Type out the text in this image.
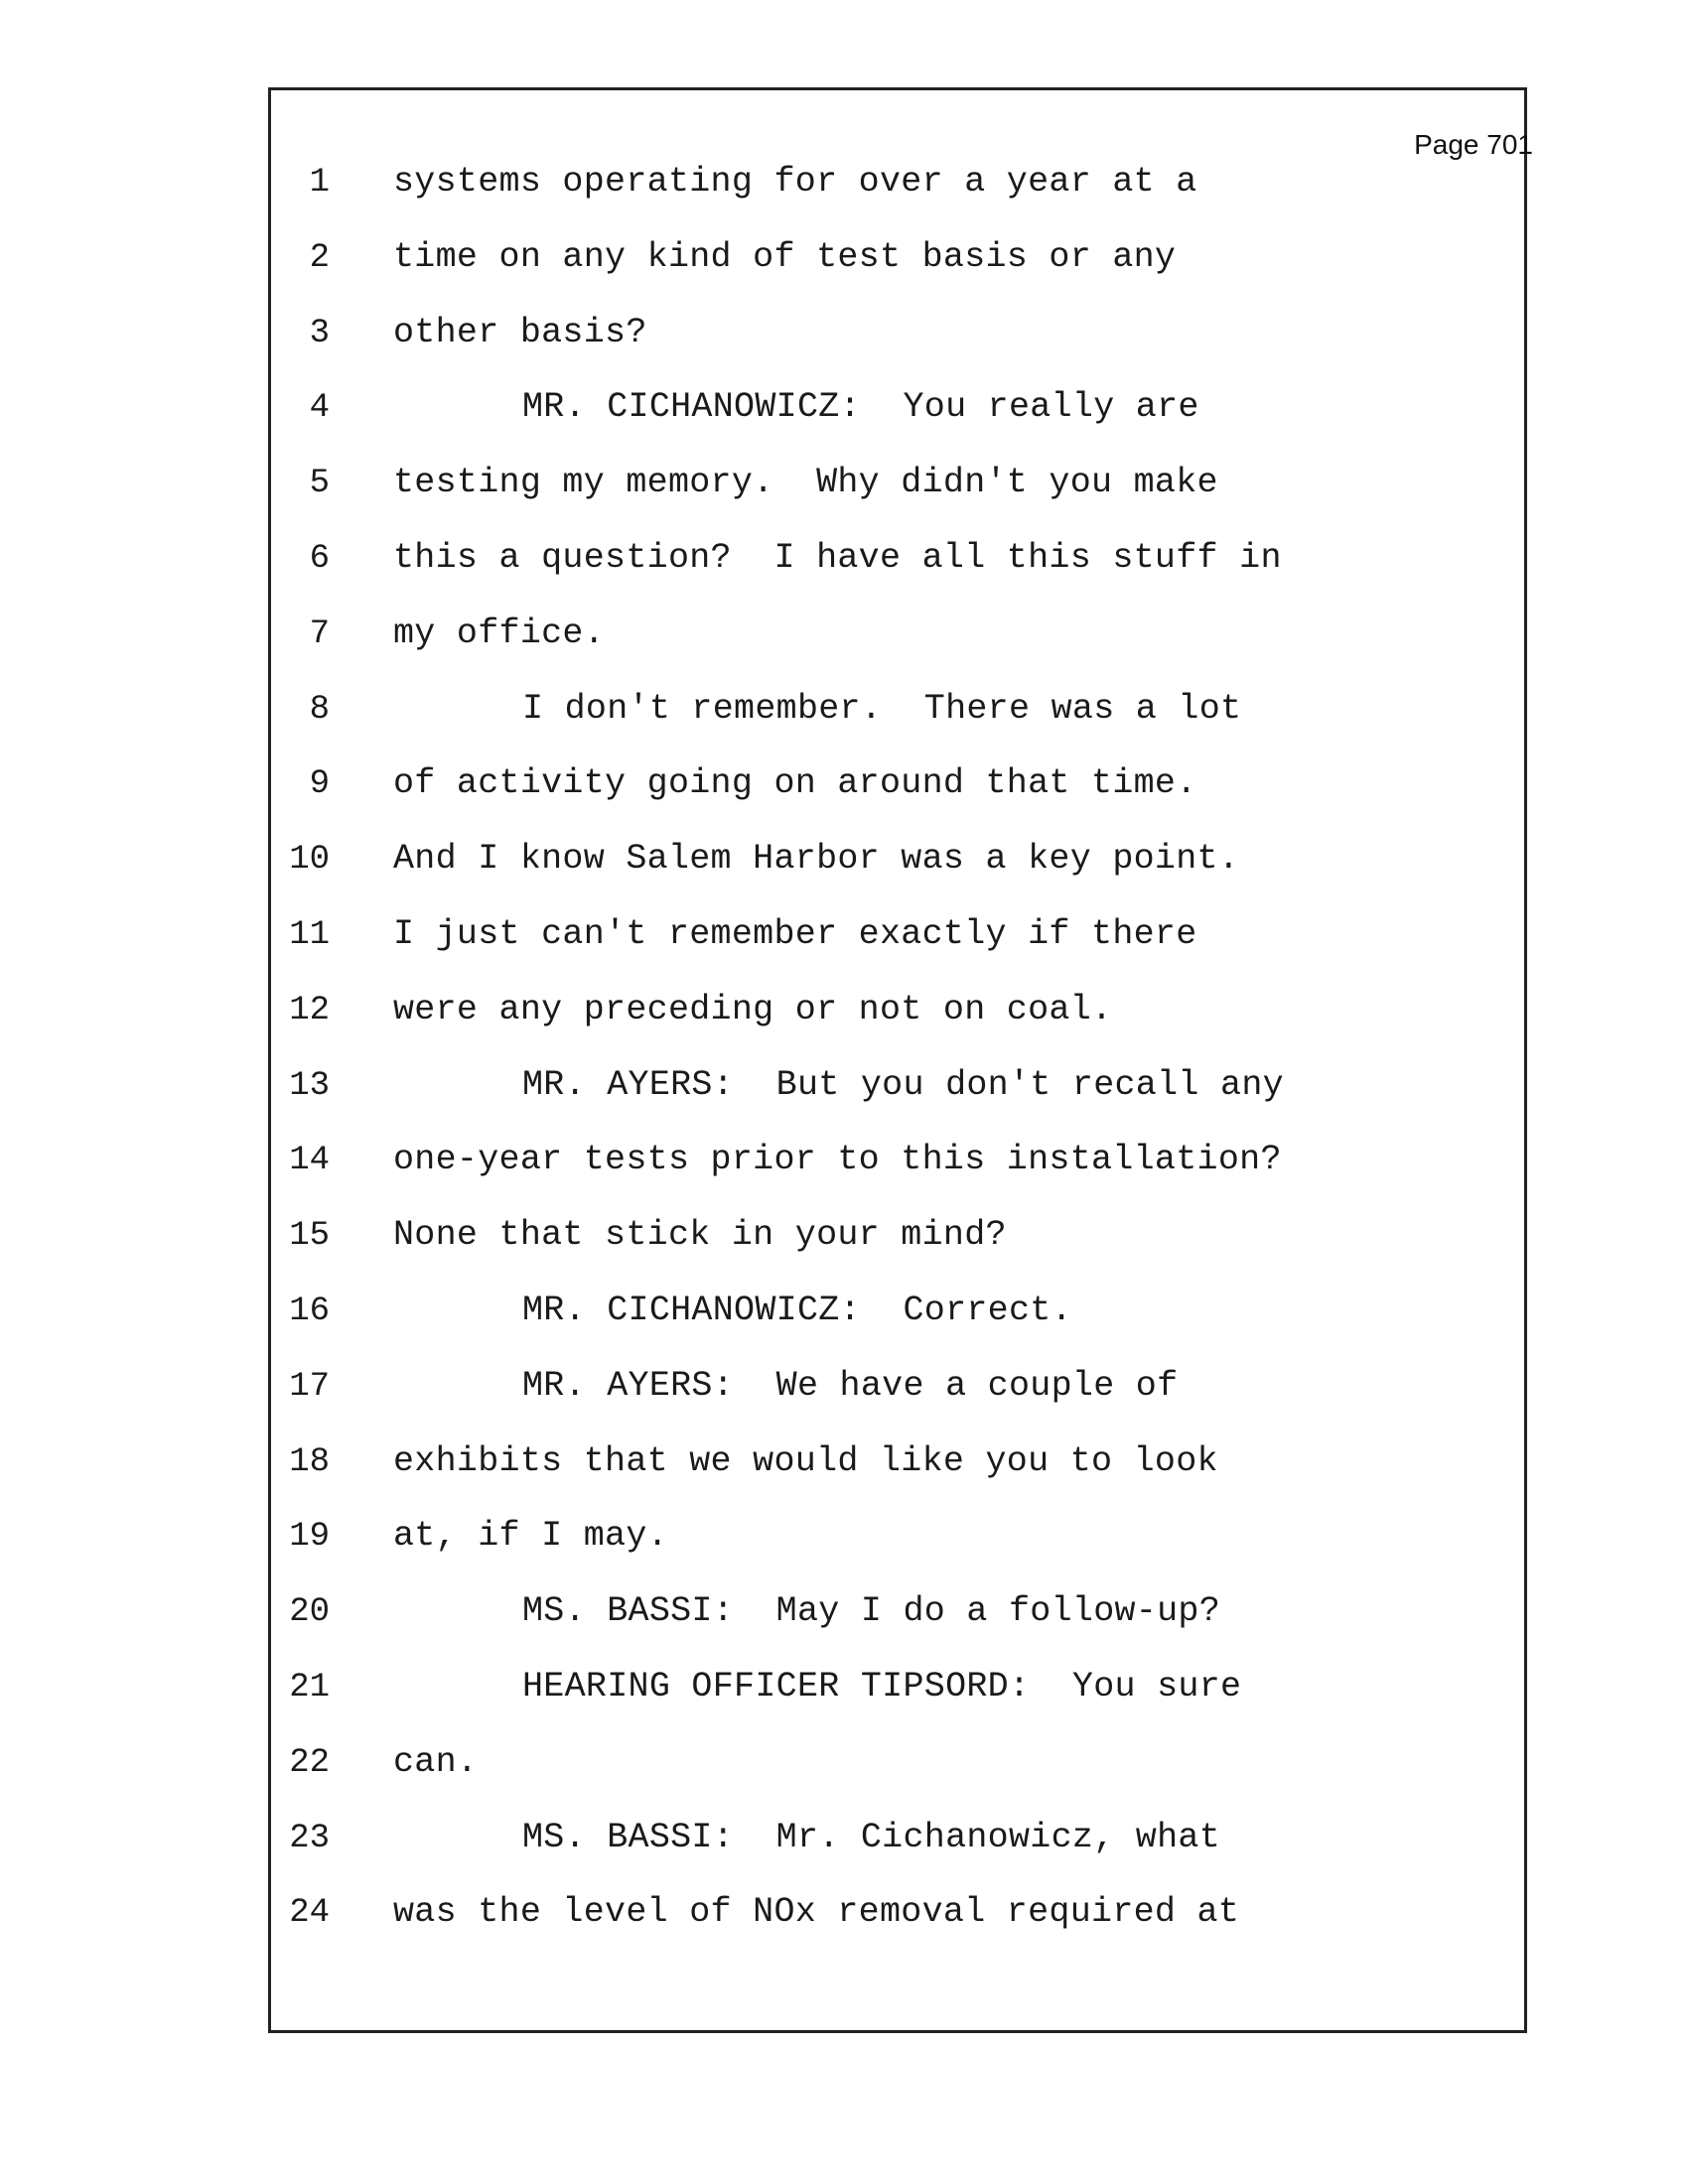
Page 701
1 systems operating for over a year at a
2 time on any kind of test basis or any
3 other basis?
4	MR. CICHANOWICZ:  You really are
5 testing my memory.  Why didn't you make
6 this a question?  I have all this stuff in
7 my office.
8	I don't remember.  There was a lot
9 of activity going on around that time.
10 And I know Salem Harbor was a key point.
11 I just can't remember exactly if there
12 were any preceding or not on coal.
13	MR. AYERS:  But you don't recall any
14 one-year tests prior to this installation?
15 None that stick in your mind?
16	MR. CICHANOWICZ:  Correct.
17	MR. AYERS:  We have a couple of
18 exhibits that we would like you to look
19 at, if I may.
20	MS. BASSI:  May I do a follow-up?
21	HEARING OFFICER TIPSORD:  You sure
22 can.
23	MS. BASSI:  Mr. Cichanowicz, what
24 was the level of NOx removal required at
